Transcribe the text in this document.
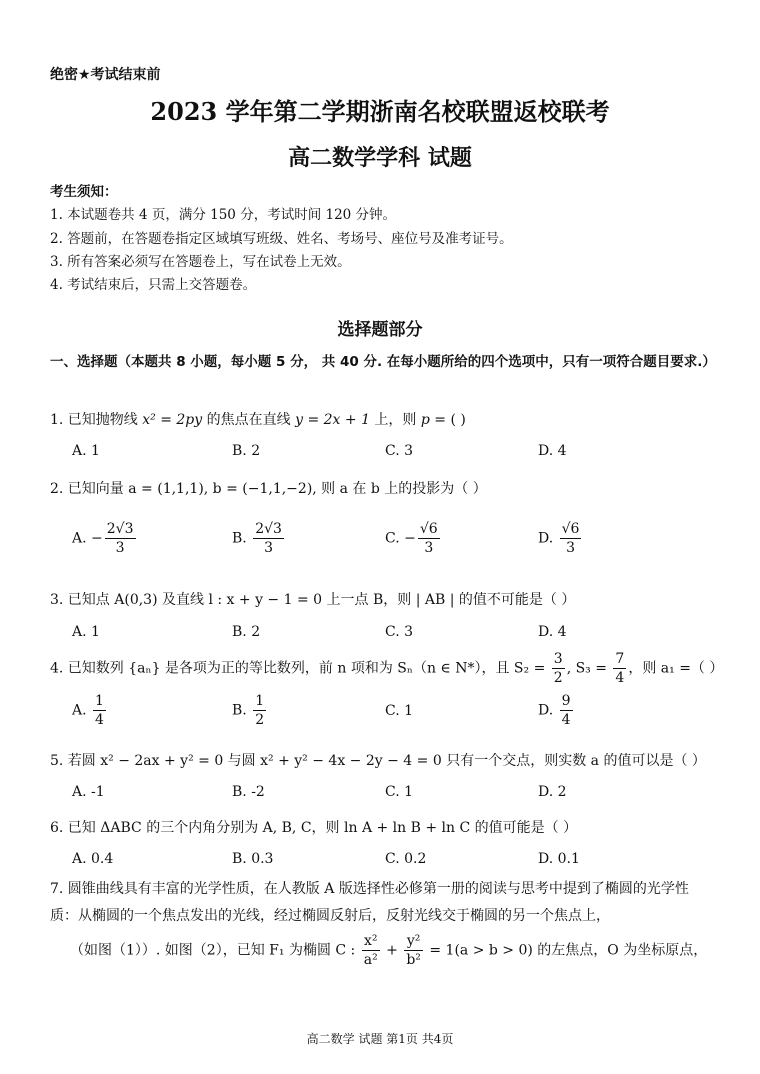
绝密★考试结束前
2023 学年第二学期浙南名校联盟返校联考
高二数学学科 试题
考生须知：
1. 本试题卷共 4 页，满分 150 分，考试时间 120 分钟。
2. 答题前，在答题卷指定区域填写班级、姓名、考场号、座位号及准考证号。
3. 所有答案必须写在答题卷上，写在试卷上无效。
4. 考试结束后，只需上交答题卷。
选择题部分
一、选择题（本题共 8 小题，每小题 5 分， 共 40 分. 在每小题所给的四个选项中，只有一项符合题目要求.）
1. 已知抛物线 x² = 2py 的焦点在直线 y = 2x + 1 上，则 p = ( )
A. 1	B. 2	C. 3	D. 4
2. 已知向量 a = (1,1,1), b = (−1,1,−2), 则 a 在 b 上的投影为（ ）
A. − $\frac{2√3}{3}$	B. $\frac{2√3}{3}$	C. − $\frac{√6}{3}$	D. $\frac{√6}{3}$
3. 已知点 A(0,3) 及直线 l : x + y − 1 = 0 上一点 B，则 | AB | 的值不可能是（ ）
A. 1	B. 2	C. 3	D. 4
4. 已知数列 {aₙ} 是各项为正的等比数列，前 n 项和为 Sₙ（n ∈ N*），且 $S_2 = \frac{3}{2}$ , $S_3 = \frac{7}{4}$ ，则 a₁ =（ ）
A. $\frac{1}{4}$	B. $\frac{1}{2}$	C. 1	D. $\frac{9}{4}$
5. 若圆 x² − 2ax + y² = 0 与圆 x² + y² − 4x − 2y − 4 = 0 只有一个交点，则实数 a 的值可以是（ ）
A. -1	B. -2	C. 1	D. 2
6. 已知 ΔABC 的三个内角分别为 A, B, C，则 ln A + ln B + ln C 的值可能是（ ）
A. 0.4	B. 0.3	C. 0.2	D. 0.1
7. 圆锥曲线具有丰富的光学性质，在人教版 A 版选择性必修第一册的阅读与思考中提到了椭圆的光学性质：从椭圆的一个焦点发出的光线，经过椭圆反射后，反射光线交于椭圆的另一个焦点上，
（如图（1））. 如图（2），已知 F₁ 为椭圆 C : $\frac{\text{x²}}{\text{a²}} + \frac{\text{y²}}{\text{b²}} = 1(a > b > 0)$ 的左焦点，O 为坐标原点，
高二数学 试题 第1页 共4页
